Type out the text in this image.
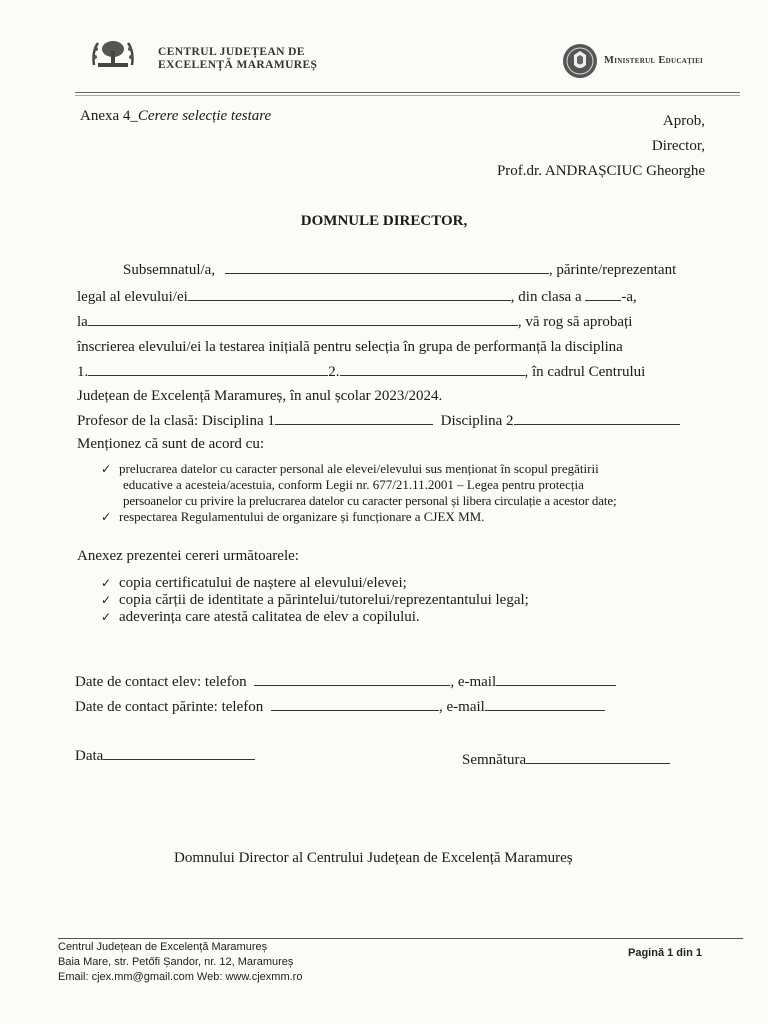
CENTRUL JUDEȚEAN DE
EXCELENȚĂ MARAMUREȘ	Ministerul Educației
Anexa 4_Cerere selecție testare	Aprob,
Director,
Prof.dr. ANDRAȘCIUC Gheorghe
DOMNULE DIRECTOR,
Subsemnatul/a,	, părinte/reprezentant
legal al elevului/ei	, din clasa a	-a,
la	, vă rog să aprobați
înscrierea elevului/ei la testarea inițială pentru selecția în grupa de performanță la disciplina
1.	2.	, în cadrul Centrului
Județean de Excelență Maramureș, în anul școlar 2023/2024.
Profesor de la clasă: Disciplina 1	Disciplina 2
Menționez că sunt de acord cu:
✓ prelucrarea datelor cu caracter personal ale elevei/elevului sus menționat în scopul pregătirii
educative a acesteia/acestuia, conform Legii nr. 677/21.11.2001 – Legea pentru protecția
persoanelor cu privire la prelucrarea datelor cu caracter personal și libera circulație a acestor date;
✓ respectarea Regulamentului de organizare și funcționare a CJEX MM.
Anexez prezentei cereri următoarele:
✓ copia certificatului de naștere al elevului/elevei;
✓ copia cărții de identitate a părintelui/tutorelui/reprezentantului legal;
✓ adeverința care atestă calitatea de elev a copilului.
Date de contact elev: telefon	, e-mail
Date de contact părinte: telefon	, e-mail
Data	Semnătura
Domnului Director al Centrului Județean de Excelență Maramureș
Centrul Județean de Excelență Maramureș
Baia Mare, str. Petőfi Șandor, nr. 12, Maramureș
Email: cjex.mm@gmail.com Web: www.cjexmm.ro
Pagină 1 din 1
